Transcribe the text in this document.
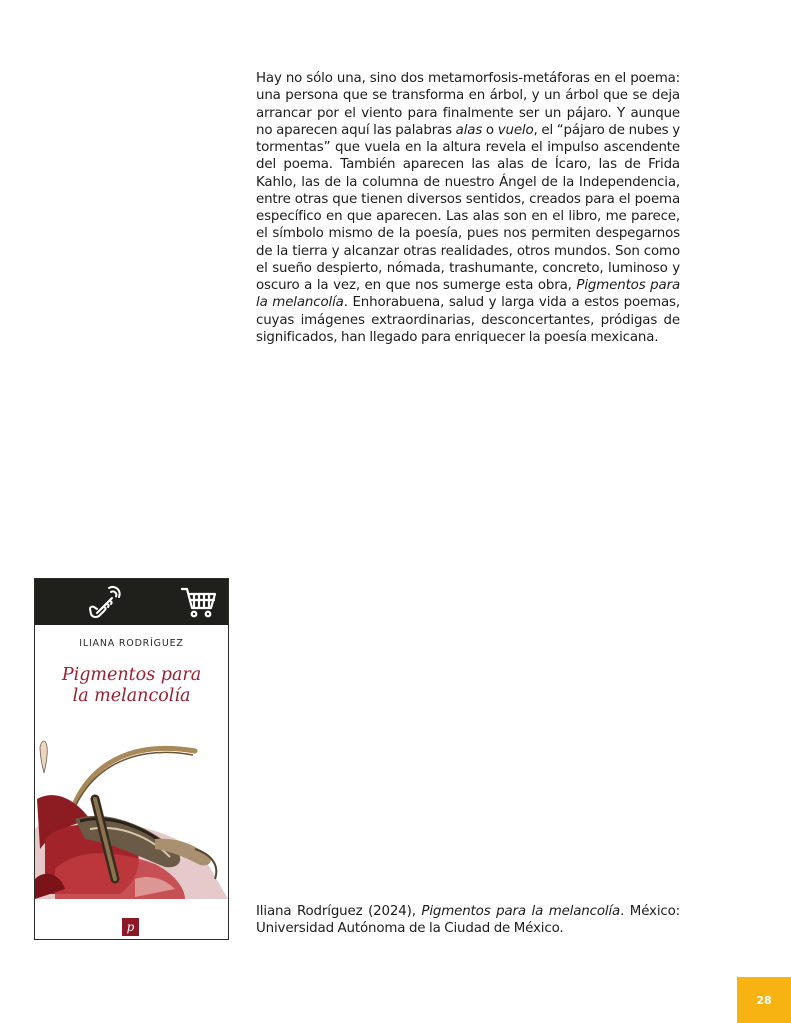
Hay no sólo una, sino dos metamorfosis-metáforas en el poema: una persona que se transforma en árbol, y un árbol que se deja arrancar por el viento para finalmente ser un pájaro. Y aunque no aparecen aquí las palabras alas o vuelo, el “pájaro de nubes y tormentas” que vuela en la altura revela el impulso ascendente del poema. También aparecen las alas de Ícaro, las de Frida Kahlo, las de la columna de nuestro Ángel de la Independencia, entre otras que tienen diversos sentidos, creados para el poema específico en que aparecen. Las alas son en el libro, me parece, el símbolo mismo de la poesía, pues nos permiten despegarnos de la tierra y alcanzar otras realidades, otros mundos. Son como el sueño despierto, nómada, trashumante, concreto, luminoso y oscuro a la vez, en que nos sumerge esta obra, Pigmentos para la melancolía. Enhorabuena, salud y larga vida a estos poemas, cuyas imágenes extraordinarias, desconcertantes, pródigas de significados, han llegado para enriquecer la poesía mexicana.

ILIANA RODRÍGUEZ
Pigmentos para
la melancolía
p
Iliana Rodríguez (2024), Pigmentos para la melancolía. México: Universidad Autónoma de la Ciudad de México.
28
